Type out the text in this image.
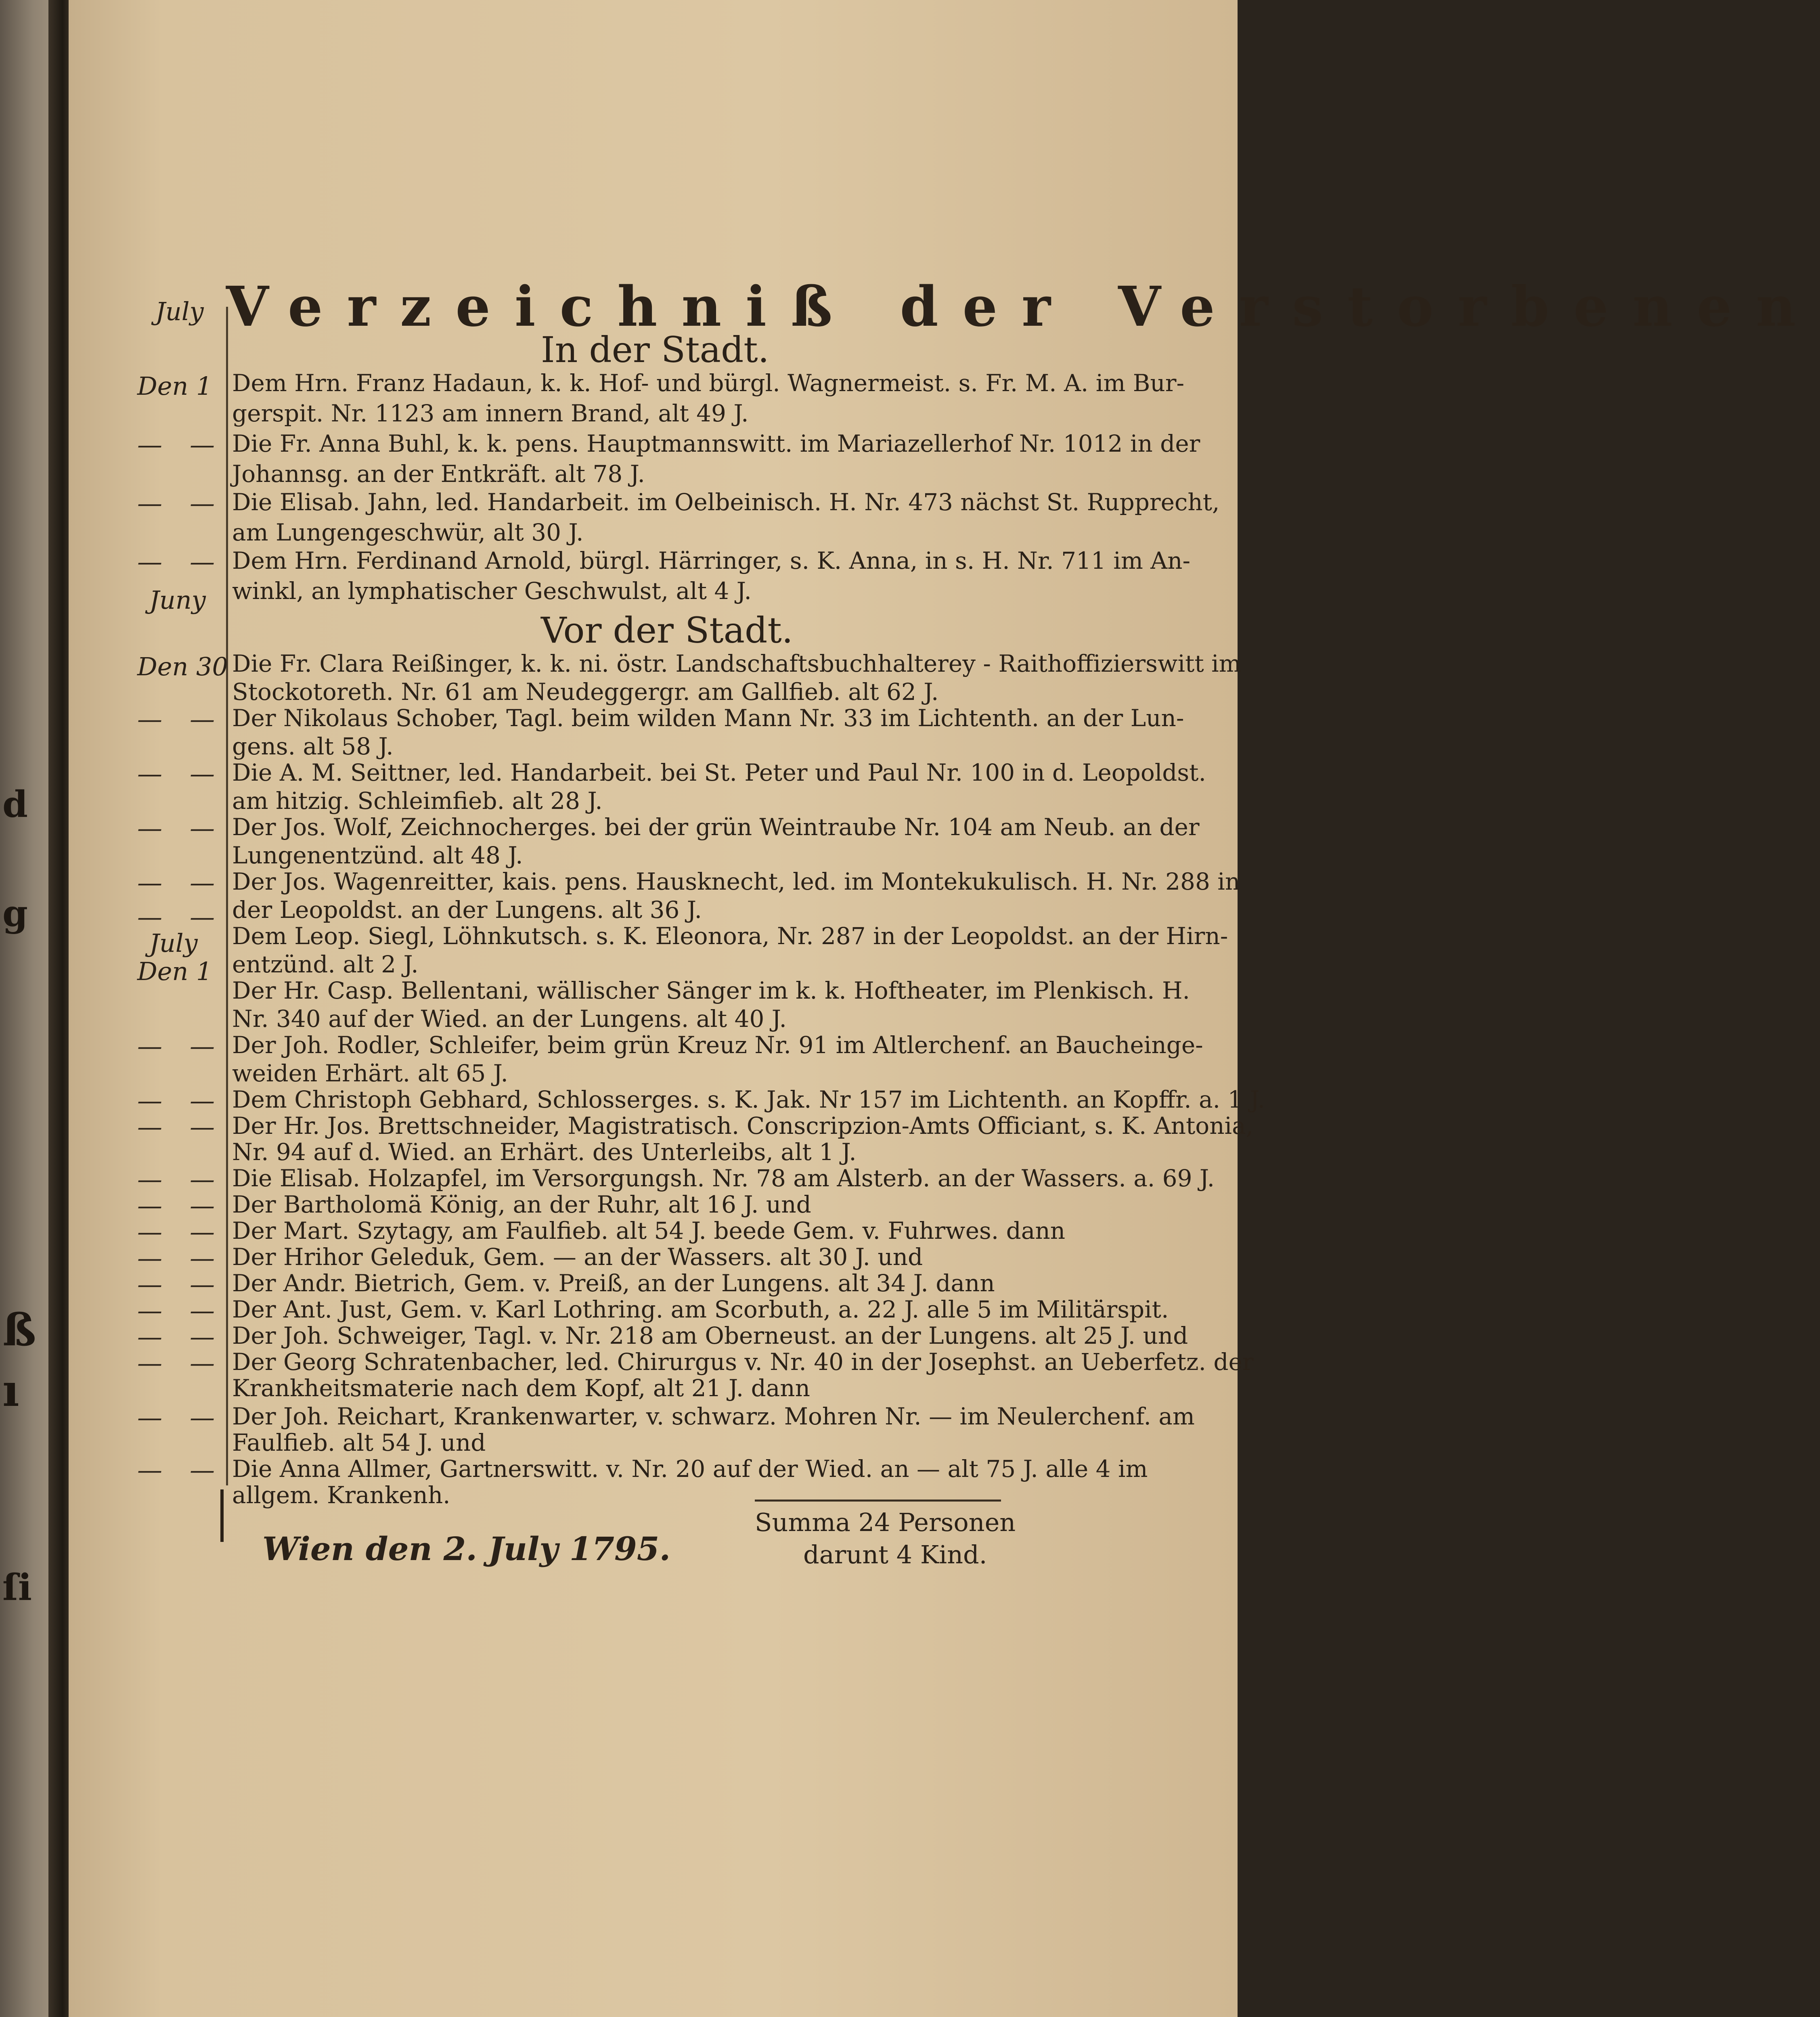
d
g
ß
ı
ſi
July Verzeichniß der Verstorbenen
In der Stadt.
Den 1 Dem Hrn. Franz Hadaun, k. k. Hof- und bürgl. Wagnermeist. s. Fr. M. A. im Bur-
gerspit. Nr. 1123 am innern Brand, alt 49 J.
— — Die Fr. Anna Buhl, k. k. pens. Hauptmannswitt. im Mariazellerhof Nr. 1012 in der
Johannsg. an der Entkräft. alt 78 J.
— — Die Elisab. Jahn, led. Handarbeit. im Oelbeinisch. H. Nr. 473 nächst St. Rupprecht,
am Lungengeschwür, alt 30 J.
— — Dem Hrn. Ferdinand Arnold, bürgl. Härringer, s. K. Anna, in s. H. Nr. 711 im An-
winkl, an lymphatischer Geschwulst, alt 4 J.
Juny
Vor der Stadt.
Den 30 Die Fr. Clara Reißinger, k. k. ni. östr. Landschaftsbuchhalterey - Raithoffizierswitt im
Stockotoreth. Nr. 61 am Neudeggergr. am Gallfieb. alt 62 J.
— — Der Nikolaus Schober, Tagl. beim wilden Mann Nr. 33 im Lichtenth. an der Lun-
gens. alt 58 J.
— — Die A. M. Seittner, led. Handarbeit. bei St. Peter und Paul Nr. 100 in d. Leopoldst.
am hitzig. Schleimfieb. alt 28 J.
— — Der Jos. Wolf, Zeichnocherges. bei der grün Weintraube Nr. 104 am Neub. an der
Lungenentzünd. alt 48 J.
— — Der Jos. Wagenreitter, kais. pens. Hausknecht, led. im Montekukulisch. H. Nr. 288 in
der Leopoldst. an der Lungens. alt 36 J.
— —
Dem Leop. Siegl, Löhnkutsch. s. K. Eleonora, Nr. 287 in der Leopoldst. an der Hirn-
entzünd. alt 2 J.
July
Den 1
Der Hr. Casp. Bellentani, wällischer Sänger im k. k. Hoftheater, im Plenkisch. H.
Nr. 340 auf der Wied. an der Lungens. alt 40 J.
— — Der Joh. Rodler, Schleifer, beim grün Kreuz Nr. 91 im Altlerchenf. an Baucheinge-
weiden Erhärt. alt 65 J.
— — Dem Christoph Gebhard, Schlosserges. s. K. Jak. Nr 157 im Lichtenth. an Kopffr. a. 1 J.
— — Der Hr. Jos. Brettschneider, Magistratisch. Conscripzion-Amts Officiant, s. K. Antonia,
Nr. 94 auf d. Wied. an Erhärt. des Unterleibs, alt 1 J.
— — Die Elisab. Holzapfel, im Versorgungsh. Nr. 78 am Alsterb. an der Wassers. a. 69 J.
— — Der Bartholomä König, an der Ruhr, alt 16 J. und
— — Der Mart. Szytagy, am Faulfieb. alt 54 J. beede Gem. v. Fuhrwes. dann
— — Der Hrihor Geleduk, Gem. — an der Wassers. alt 30 J. und
— — Der Andr. Bietrich, Gem. v. Preiß, an der Lungens. alt 34 J. dann
— — Der Ant. Just, Gem. v. Karl Lothring. am Scorbuth, a. 22 J. alle 5 im Militärspit.
— — Der Joh. Schweiger, Tagl. v. Nr. 218 am Oberneust. an der Lungens. alt 25 J. und
— — Der Georg Schratenbacher, led. Chirurgus v. Nr. 40 in der Josephst. an Ueberfetz. der
Krankheitsmaterie nach dem Kopf, alt 21 J. dann
— — Der Joh. Reichart, Krankenwarter, v. schwarz. Mohren Nr. — im Neulerchenf. am
Faulfieb. alt 54 J. und
— — Die Anna Allmer, Gartnerswitt. v. Nr. 20 auf der Wied. an — alt 75 J. alle 4 im
allgem. Krankenh.
Wien den 2. July 1795.
Summa 24 Personen
darunt 4 Kind.
